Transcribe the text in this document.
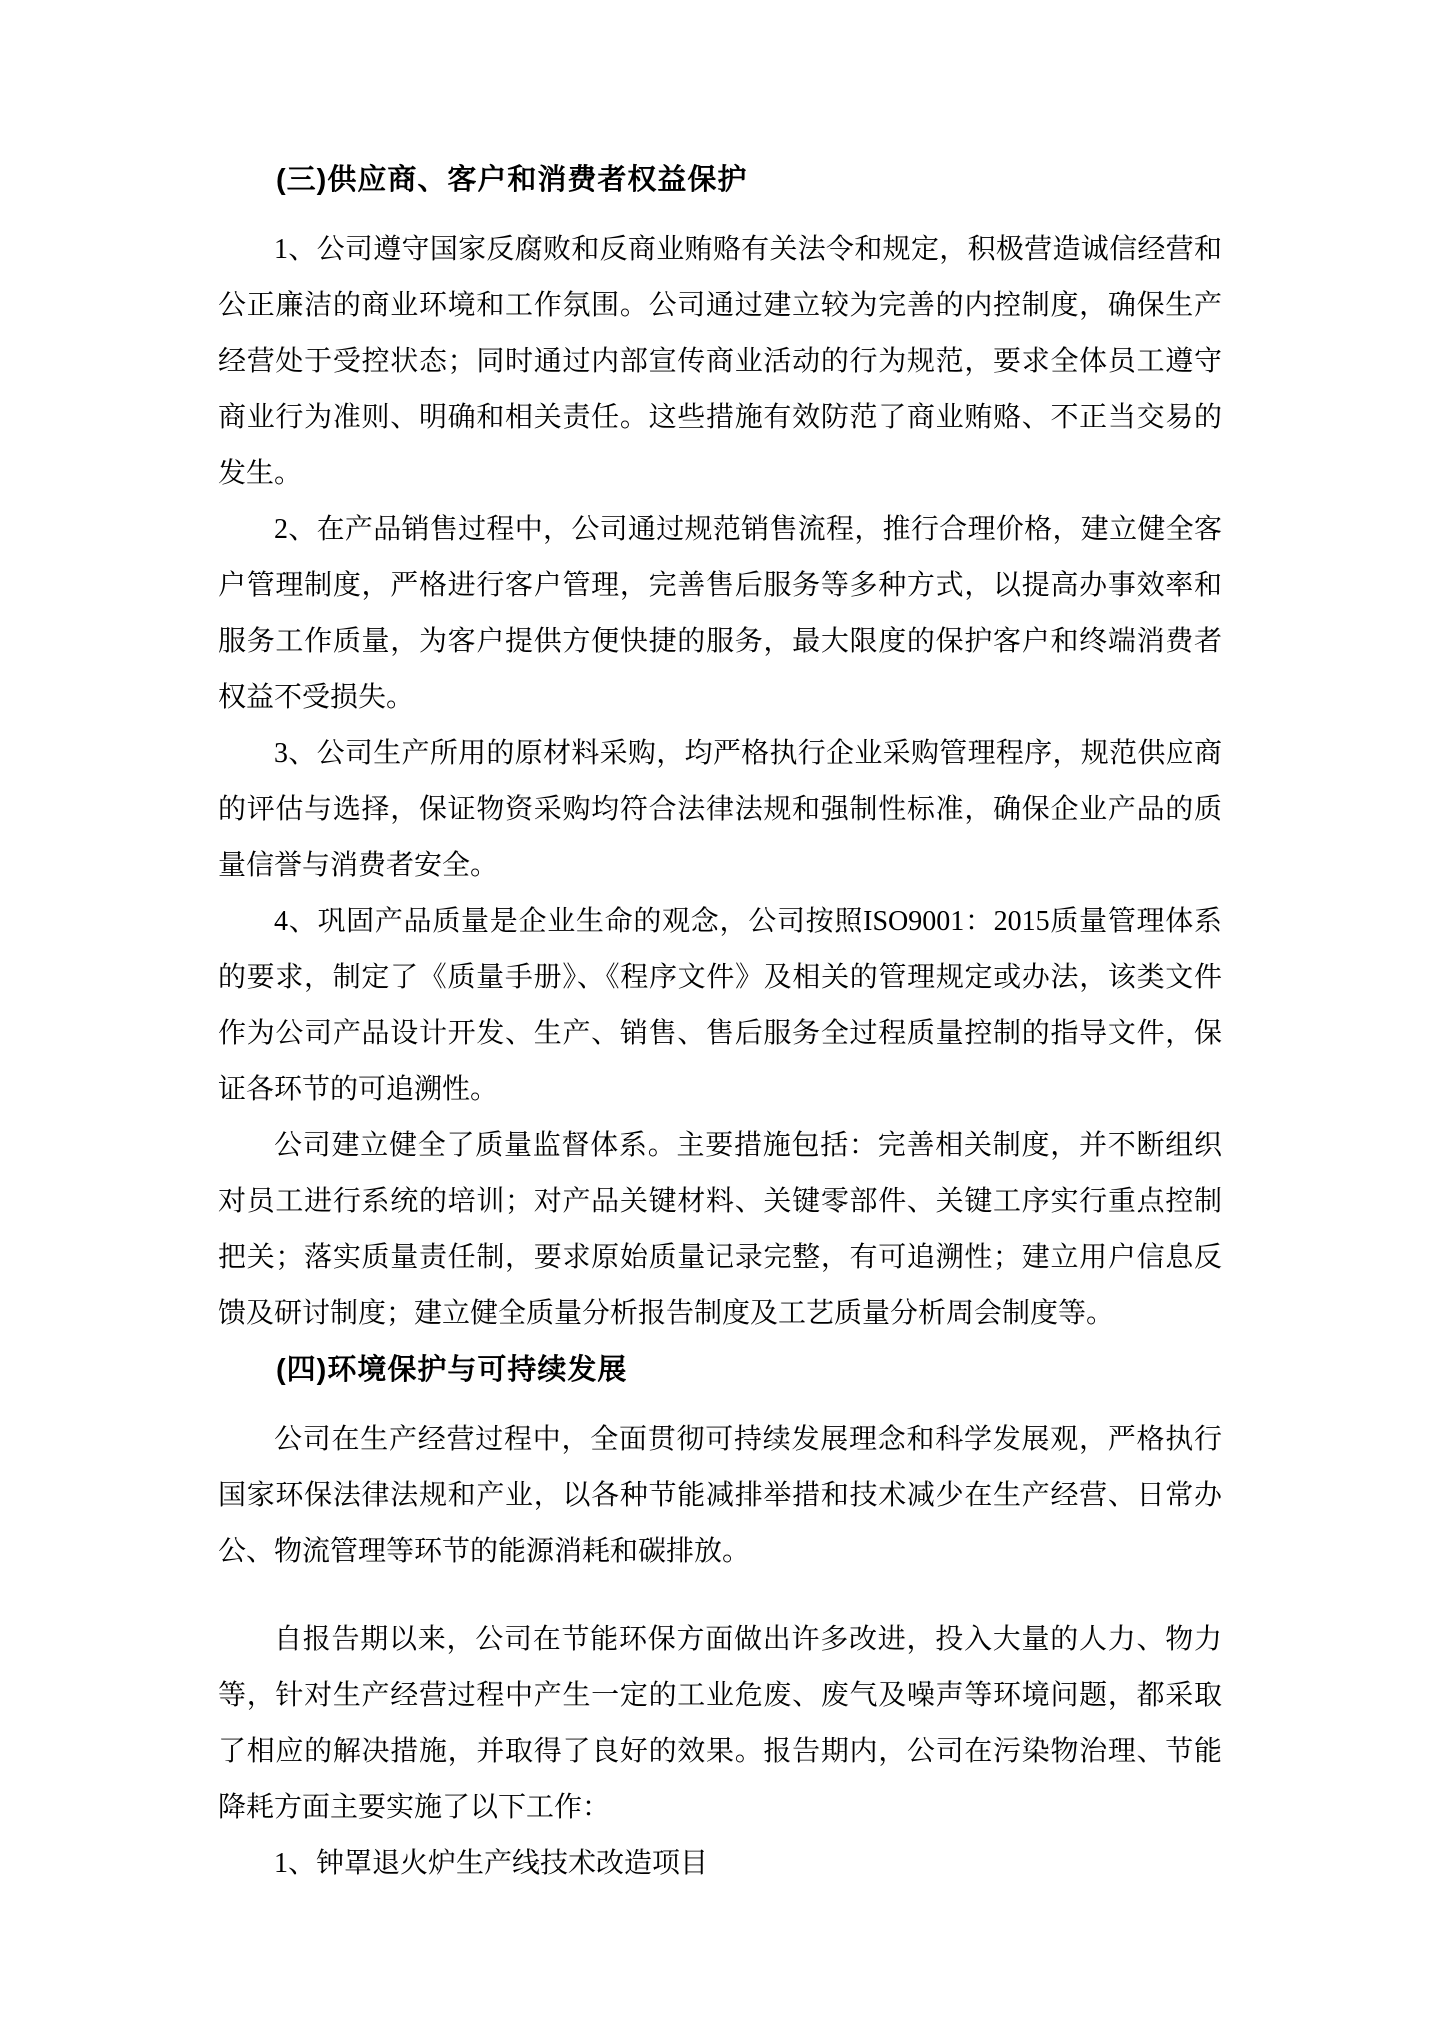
(三)供应商、客户和消费者权益保护

1、公司遵守国家反腐败和反商业贿赂有关法令和规定，积极营造诚信经营和公正廉洁的商业环境和工作氛围。公司通过建立较为完善的内控制度，确保生产经营处于受控状态；同时通过内部宣传商业活动的行为规范，要求全体员工遵守商业行为准则、明确和相关责任。这些措施有效防范了商业贿赂、不正当交易的发生。

2、在产品销售过程中，公司通过规范销售流程，推行合理价格，建立健全客户管理制度，严格进行客户管理，完善售后服务等多种方式，以提高办事效率和服务工作质量，为客户提供方便快捷的服务，最大限度的保护客户和终端消费者权益不受损失。

3、公司生产所用的原材料采购，均严格执行企业采购管理程序，规范供应商的评估与选择，保证物资采购均符合法律法规和强制性标准，确保企业产品的质量信誉与消费者安全。

4、巩固产品质量是企业生命的观念，公司按照ISO9001：2015质量管理体系的要求，制定了《质量手册》、《程序文件》及相关的管理规定或办法，该类文件作为公司产品设计开发、生产、销售、售后服务全过程质量控制的指导文件，保证各环节的可追溯性。

公司建立健全了质量监督体系。主要措施包括：完善相关制度，并不断组织对员工进行系统的培训；对产品关键材料、关键零部件、关键工序实行重点控制把关；落实质量责任制，要求原始质量记录完整，有可追溯性；建立用户信息反馈及研讨制度；建立健全质量分析报告制度及工艺质量分析周会制度等。

(四)环境保护与可持续发展

公司在生产经营过程中，全面贯彻可持续发展理念和科学发展观，严格执行国家环保法律法规和产业，以各种节能减排举措和技术减少在生产经营、日常办公、物流管理等环节的能源消耗和碳排放。

自报告期以来，公司在节能环保方面做出许多改进，投入大量的人力、物力等，针对生产经营过程中产生一定的工业危废、废气及噪声等环境问题，都采取了相应的解决措施，并取得了良好的效果。报告期内，公司在污染物治理、节能降耗方面主要实施了以下工作：

1、钟罩退火炉生产线技术改造项目
